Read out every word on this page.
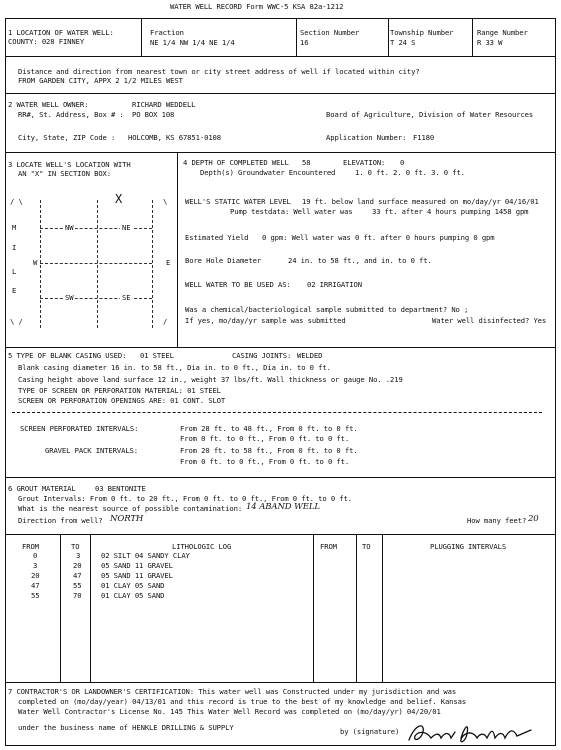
WATER WELL RECORD Form WWC-5 KSA 82a-1212
1 LOCATION OF WATER WELL:
COUNTY: 028 FINNEY
Fraction
NE 1/4 NW 1/4 NE 1/4
Section Number
16
Township Number
T 24 S
Range Number
R 33 W
Distance and direction from nearest town or city street address of well if located within city?
FROM GARDEN CITY, APPX 2 1/2 MILES WEST
2 WATER WELL OWNER:	RICHARD WEDDELL
RR#, St. Address, Box # : PO BOX 108	Board of Agriculture, Division of Water Resources
City, State, ZIP Code : HOLCOMB, KS 67851-0108	Application Number: F1180
3 LOCATE WELL'S LOCATION WITH
AN "X" IN SECTION BOX:
/ \
\ /
\
/
NW	NE
SW	SE
W	E
M
I
L
E
X
4 DEPTH OF COMPLETED WELL 58	ELEVATION: 0
Depth(s) Groundwater Encountered	1. 0 ft. 2. 0 ft. 3. 0 ft.
WELL'S STATIC WATER LEVEL 19 ft. below land surface measured on mo/day/yr 04/16/01
Pump testdata: Well water was	33 ft. after 4 hours pumping 1458 gpm
Estimated Yield 0 gpm: Well water was 0 ft. after 0 hours pumping 0 gpm
Bore Hole Diameter	24 in. to 58 ft., and in. to 0 ft.
WELL WATER TO BE USED AS: 02 IRRIGATION
Was a chemical/bacteriological sample submitted to department? No ;
If yes, mo/day/yr sample was submitted	Water well disinfected? Yes
5 TYPE OF BLANK CASING USED: 01 STEEL	CASING JOINTS: WELDED
Blank casing diameter 16 in. to 58 ft., Dia in. to 0 ft., Dia in. to 0 ft.
Casing height above land surface 12 in., weight 37 lbs/ft. Wall thickness or gauge No. .219
TYPE OF SCREEN OR PERFORATION MATERIAL: 01 STEEL
SCREEN OR PERFORATION OPENINGS ARE: 01 CONT. SLOT
SCREEN PERFORATED INTERVALS:	From 28 ft. to 48 ft., From 0 ft. to 0 ft.
From 0 ft. to 0 ft., From 0 ft. to 0 ft.
GRAVEL PACK INTERVALS:	From 20 ft. to 58 ft., From 0 ft. to 0 ft.
From 0 ft. to 0 ft., From 0 ft. to 0 ft.
6 GROUT MATERIAL	03 BENTONITE
Grout Intervals: From 0 ft. to 20 ft., From 0 ft. to 0 ft., From 0 ft. to 0 ft.
What is the nearest source of possible contamination: 14 ABAND WELL
Direction from well? NORTH	How many feet? 20
FROM	TO	LITHOLOGIC LOG	FROM	TO	PLUGGING INTERVALS
0	3	02 SILT 04 SANDY CLAY
3	20	05 SAND 11 GRAVEL
20	47	05 SAND 11 GRAVEL
47	55	01 CLAY 05 SAND
55	70	01 CLAY 05 SAND
7 CONTRACTOR'S OR LANDOWNER'S CERTIFICATION: This water well was Constructed under my jurisdiction and was
completed on (mo/day/year) 04/13/01 and this record is true to the best of my knowledge and belief. Kansas
Water Well Contractor's License No. 145 This Water Well Record was completed on (mo/day/yr) 04/20/01
under the business name of HENKLE DRILLING & SUPPLY	by (signature)
